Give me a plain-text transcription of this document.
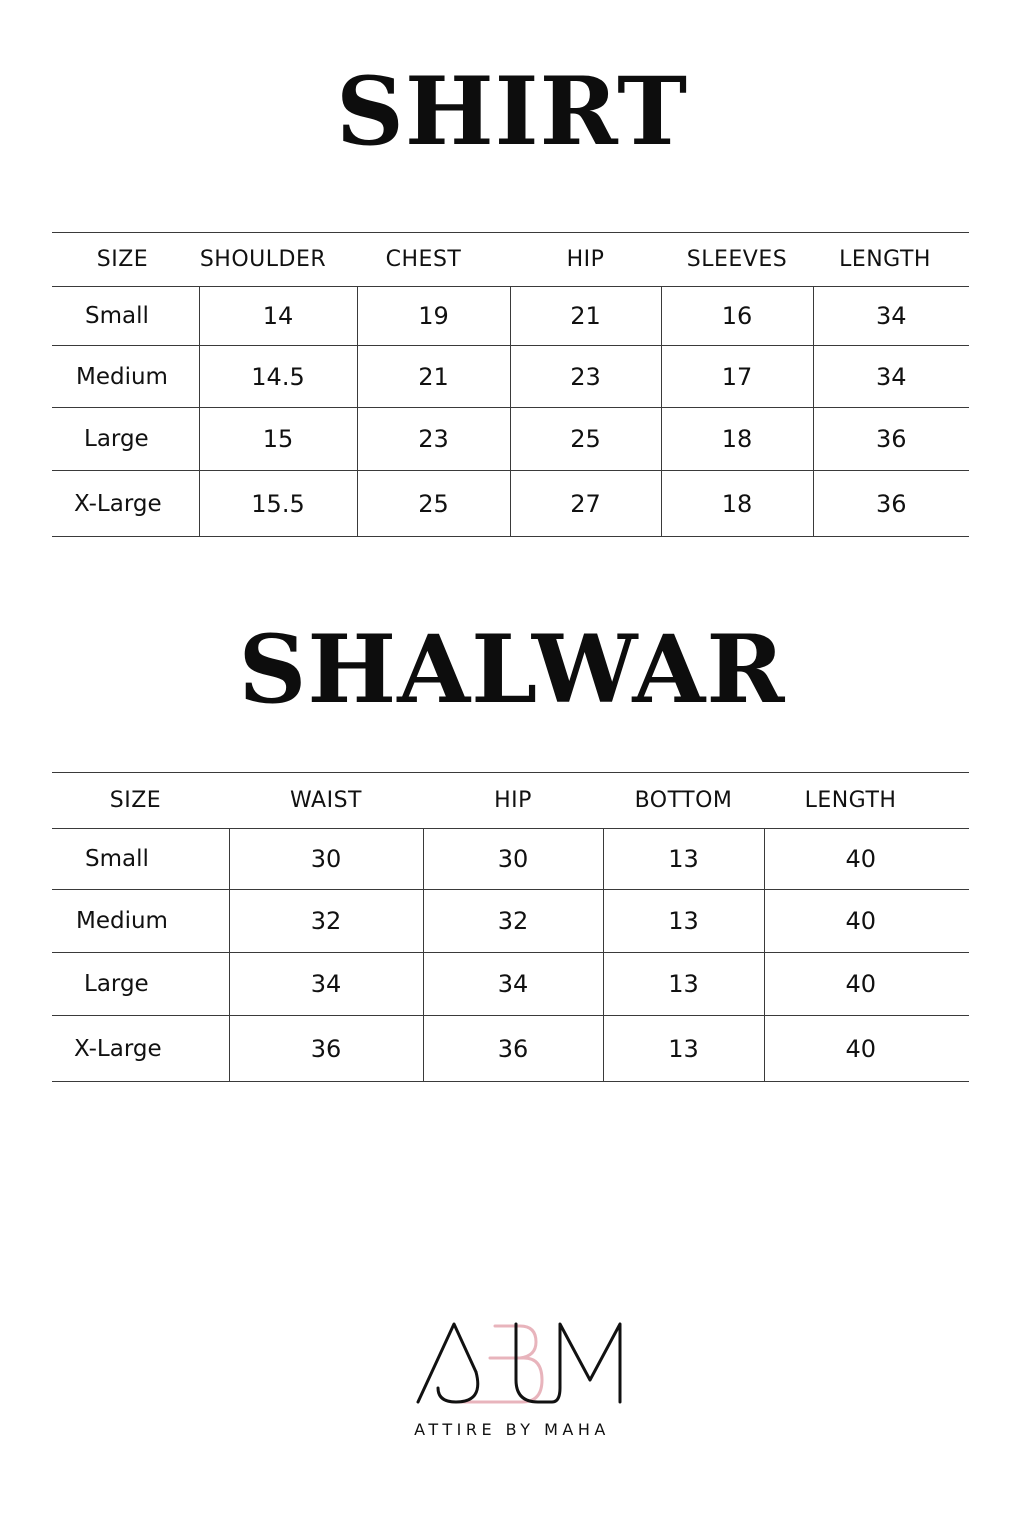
SHIRT
SIZE	SHOULDER	CHEST	HIP	SLEEVES	LENGTH
Small	14	19	21	16	34
Medium	14.5	21	23	17	34
Large	15	23	25	18	36
X-Large	15.5	25	27	18	36
SHALWAR
SIZE	WAIST	HIP	BOTTOM	LENGTH
Small	30	30	13	40
Medium	32	32	13	40
Large	34	34	13	40
X-Large	36	36	13	40
ATTIRE BY MAHA
